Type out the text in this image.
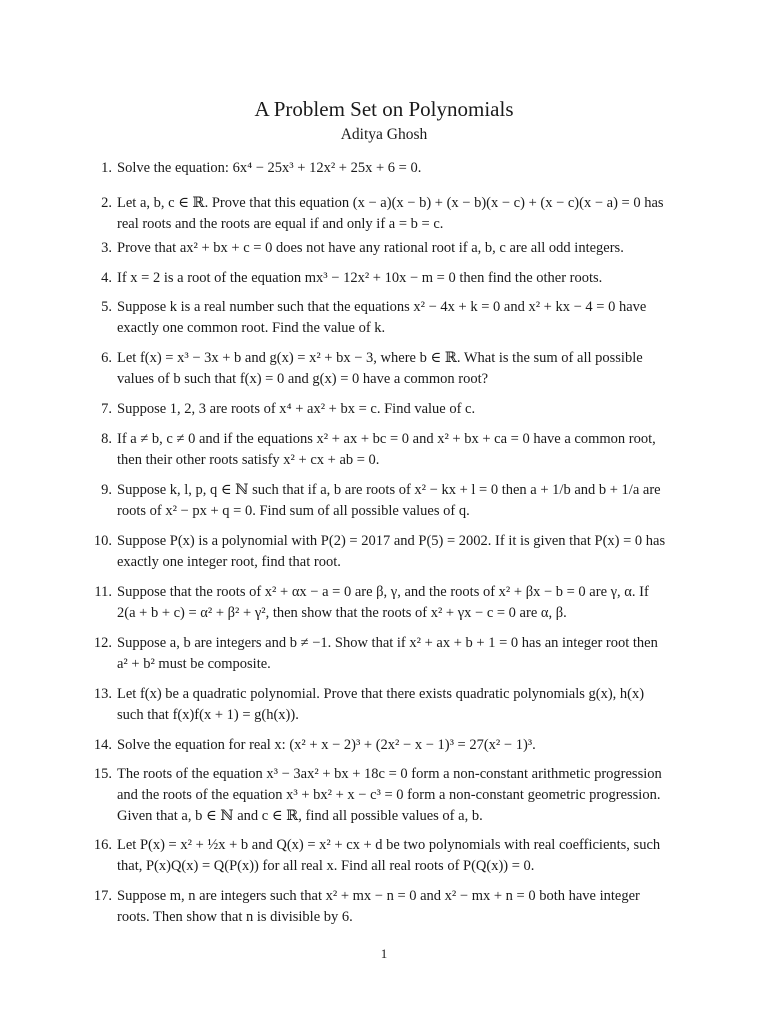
A Problem Set on Polynomials
Aditya Ghosh
1. Solve the equation: 6x⁴ − 25x³ + 12x² + 25x + 6 = 0.
2. Let a, b, c ∈ ℝ. Prove that this equation (x − a)(x − b) + (x − b)(x − c) + (x − c)(x − a) = 0 has real roots and the roots are equal if and only if a = b = c.
3. Prove that ax² + bx + c = 0 does not have any rational root if a, b, c are all odd integers.
4. If x = 2 is a root of the equation mx³ − 12x² + 10x − m = 0 then find the other roots.
5. Suppose k is a real number such that the equations x² − 4x + k = 0 and x² + kx − 4 = 0 have exactly one common root. Find the value of k.
6. Let f(x) = x³ − 3x + b and g(x) = x² + bx − 3, where b ∈ ℝ. What is the sum of all possible values of b such that f(x) = 0 and g(x) = 0 have a common root?
7. Suppose 1, 2, 3 are roots of x⁴ + ax² + bx = c. Find value of c.
8. If a ≠ b, c ≠ 0 and if the equations x² + ax + bc = 0 and x² + bx + ca = 0 have a common root, then their other roots satisfy x² + cx + ab = 0.
9. Suppose k, l, p, q ∈ ℕ such that if a, b are roots of x² − kx + l = 0 then a + 1/b and b + 1/a are roots of x² − px + q = 0. Find sum of all possible values of q.
10. Suppose P(x) is a polynomial with P(2) = 2017 and P(5) = 2002. If it is given that P(x) = 0 has exactly one integer root, find that root.
11. Suppose that the roots of x² + αx − a = 0 are β, γ, and the roots of x² + βx − b = 0 are γ, α. If 2(a + b + c) = α² + β² + γ², then show that the roots of x² + γx − c = 0 are α, β.
12. Suppose a, b are integers and b ≠ −1. Show that if x² + ax + b + 1 = 0 has an integer root then a² + b² must be composite.
13. Let f(x) be a quadratic polynomial. Prove that there exists quadratic polynomials g(x), h(x) such that f(x)f(x + 1) = g(h(x)).
14. Solve the equation for real x: (x² + x − 2)³ + (2x² − x − 1)³ = 27(x² − 1)³.
15. The roots of the equation x³ − 3ax² + bx + 18c = 0 form a non-constant arithmetic progression and the roots of the equation x³ + bx² + x − c³ = 0 form a non-constant geometric progression. Given that a, b ∈ ℕ and c ∈ ℝ, find all possible values of a, b.
16. Let P(x) = x² + ½x + b and Q(x) = x² + cx + d be two polynomials with real coefficients, such that, P(x)Q(x) = Q(P(x)) for all real x. Find all real roots of P(Q(x)) = 0.
17. Suppose m, n are integers such that x² + mx − n = 0 and x² − mx + n = 0 both have integer roots. Then show that n is divisible by 6.
1
